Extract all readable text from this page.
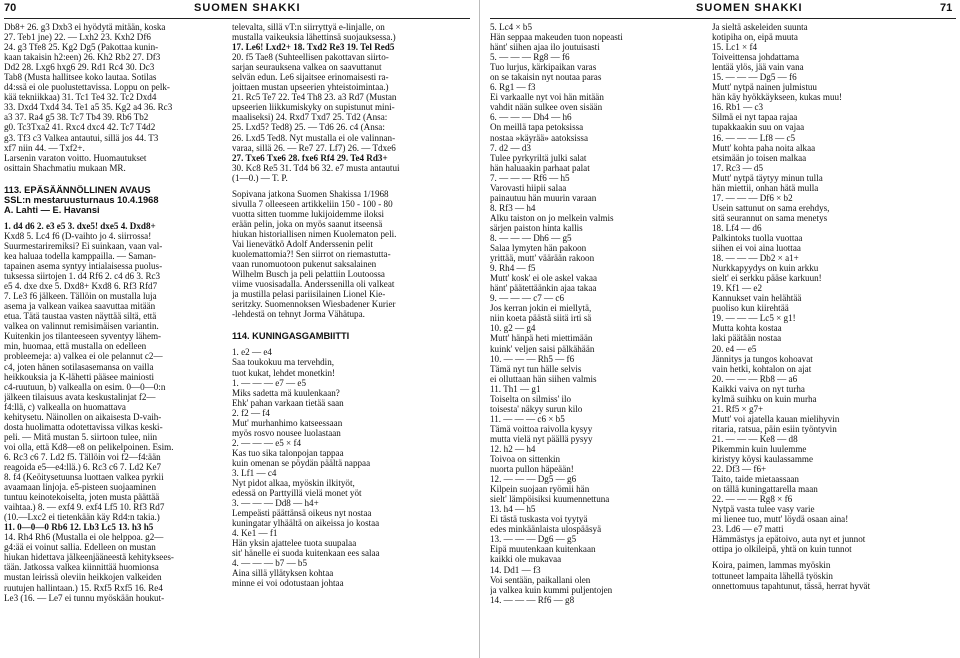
70	SUOMEN SHAKKI	SUOMEN SHAKKI	71

Db8+ 26. g3 Dxb3 ei hyödytä mitään, koska

27. Teb1 jne) 22. — Lxh2 23. Kxh2 Df6

24. g3 Tfe8 25. Kg2 Dg5 (Pakottaa kunin-

kaan takaisin h2:een) 26. Kh2 Rb2 27. Df3

Dd2 28. Lxg6 hxg6 29. Rd1 Rc4 30. Dc3

Tab8 (Musta hallitsee koko lautaa. Sotilas

d4:ssä ei ole puolustettavissa. Loppu on pelk-

kää tekniikkaa) 31. Tc1 Te4 32. Tc2 Dxd4

33. Dxd4 Txd4 34. Te1 a5 35. Kg2 a4 36. Rc3

a3 37. Ra4 g5 38. Tc7 Tb4 39. Rb6 Tb2

g0. Tc3Txa2 41. Rxc4 dxc4 42. Tc7 T4d2

g3. Tf3 c3 Valkea antautui, sillä jos 44. T3

xf7 niin 44. — Txf2+.

Larsenin varaton voitto. Huomautukset

osittain Shachmatiu mukaan MR.

113. EPÄSÄÄNNÖLLINEN AVAUS

SSL:n mestaruusturnaus 10.4.1968

A. Lahti — E. Havansi

1. d4 d6 2. e3 e5 3. dxe5! dxe5 4. Dxd8+

Kxd8 5. Lc4 f6 (D-vaihto jo 4. siirrossa!

Suurmestariremiksi? Ei suinkaan, vaan val-

kea haluaa todella kamppailla. — Saman-

tapainen asema syntyy intialaisessa puolus-

tuksessa siirtojen 1. d4 Rf6 2. c4 d6 3. Rc3

e5 4. dxe dxe 5. Dxd8+ Kxd8 6. Rf3 Rfd7

7. Le3 f6 jälkeen. Tällöin on mustalla luja

asema ja valkean vaikea saavuttaa mitään

etua. Tätä taustaa vasten näyttää siltä, että

valkea on valinnut remisimäisen variantin.

Kuitenkin jos tilanteeseen syventyy lähem-

min, huomaa, että mustalla on edelleen

probleemeja: a) valkea ei ole pelannut c2—

c4, joten hänen sotilasasemansa on vailla

heikkouksia ja K-lähetti pääsee mainiosti

c4-ruutuun, b) valkealla on esim. 0—0—0:n

jälkeen tilaisuus avata keskustalinjat f2—

f4:llä, c) valkealla on huomattava

kehitysetu. Näinollen on aikaisesta D-vaih-

dosta huolimatta odotettavissa vilkas keski-

peli. — Mitä mustan 5. siirtoon tulee, niin

voi olla, että Kd8—e8 on pelikelpoinen. Esim.

6. Rc3 c6 7. Ld2 f5. Tällöin voi f2—f4:ään

reagoida e5—e4:llä.) 6. Rc3 c6 7. Ld2 Ke7

8. f4 (Keöitysetuunsa luottaen valkea pyrkii

avaamaan linjoja. e5-pisteen suojaaminen

tuntuu keinotekoiselta, joten musta päättää

vaihtaa.) 8. — exf4 9. exf4 Lf5 10. Rf3 Rd7

(10.—Lxc2 ei tietenkään käy Rd4:n takia.)

11. 0—0—0 Rb6 12. Lb3 Lc5 13. h3 h5

14. Rh4 Rh6 (Mustalla ei ole helppoa. g2—

g4:ää ei voinut sallia. Edelleen on mustan

hiukan hidettava jälkeenjääneestä kehityksees-

tään. Jatkossa valkea kiinnittää huomionsa

mustan leirissä oleviin heikkojen valkeiden

ruutujen hallintaan.) 15. Rxf5 Rxf5 16. Re4

Le3 (16. — Le7 ei tunnu myöskään houkut-

televalta, sillä vT:n siirryttyä e-linjalle, on

mustalla vaikeuksia lähettinsä suojauksessa.)

17. Le6! Lxd2+ 18. Txd2 Re3 19. Tel Red5

20. f5 Tae8 (Suhteellisen pakottavan siirto-

sarjan seurauksena valkea on saavuttanut

selvän edun. Le6 sijaitsee erinomaisesti ra-

joittaen mustan upseerien yhteistoimintaa.)

21. Rc5 Te7 22. Te4 Th8 23. a3 Rd7 (Mustan

upseerien liikkumiskyky on supistunut mini-

maaliseksi) 24. Rxd7 Txd7 25. Td2 (Ansa:

25. Lxd5? Ted8) 25. — Td6 26. c4 (Ansa:

26. Lxd5 Ted8. Nyt mustalla ei ole valinnan-

varaa, sillä 26. — Re7 27. Lf7) 26. — Tdxe6

27. Txe6 Txe6 28. fxe6 Rf4 29. Te4 Rd3+

30. Kc8 Re5 31. Td4 b6 32. e7 musta antautui

(1—0.) — T. P.

Sopivana jatkona Suomen Shakissa 1/1968

sivulla 7 olleeseen artikkeliin 150 - 100 - 80

vuotta sitten tuomme lukijoidemme iloksi

erään pelin, joka on myös saanut itseensä

hiukan historiallisen nimen Kuolematon peli.

Vai lienevätkö Adolf Anderssenin pelit

kuolemattomia?! Sen siirrot on riemastutta-

vaan runomuotoon pukenut saksalainen

Wilhelm Busch ja peli pelattiin Loutoossa

viime vuosisadalla. Anderssenilla oli valkeat

ja mustilla pelasi pariisilainen Lionel Kie-

seritzky. Suomennoksen Wiesbadener Kurier

-lehdestä on tehnyt Jorma Vähätupa.

114. KUNINGASGAMBIITTI

1. e2 — e4

Saa toukokuu ma tervehdin,

tuot kukat, lehdet monetkin!

1. — — — e7 — e5

Miks sadetta mä kuulenkaan?

Ehk' pahan varkaan tietää saan

2. f2 — f4

Mut' murhanhimo katseessaan

myös rosvo nousee luolastaan

2. — — — e5 × f4

Kas tuo sika talonpojan tappaa

kuin omenan se pöydän päältä nappaa

3. Lf1 — c4

Nyt pidot alkaa, myöskin ilkityöt,

edessä on Parttyillä vielä monet yöt

3. — — — Dd8 — h4+

Lempeästi päättänsä oikeus nyt nostaa

kuningatar ylhäältä on aikeissa jo kostaa

4. Ke1 — f1

Hän yksin ajattelee tuota suupalaa

sit' hänelle ei suoda kuitenkaan ees salaa

4. — — — b7 — b5

Aina sillä yllätyksen kohtaa

minne ei voi odotustaan johtaa

5. Lc4 × b5

Hän seppaa makeuden tuon nopeasti

hänt' siihen ajaa ilo joutuisasti

5. — — — Rg8 — f6

Tuo lurjus, kärkipaikan varas

on se takaisin nyt noutaa paras

6. Rg1 — f3

Ei varkaalle nyt voi hän mitään

vahdit nään sulkee oven sisään

6. — — — Dh4 — h6

On meillä tapa petoksissa

nostaa »käyrää» aatoksissa

7. d2 — d3

Tulee pyrkyriltä julki salat

hän haluaakin parhaat palat

7. — — — Rf6 — h5

Varovasti hiipii salaa

painautuu hän muurin varaan

8. Rf3 — h4

Alku taiston on jo melkein valmis

särjen paiston hinta kallis

8. — — — Dh6 — g5

Salaa lymyten hän pakoon

yrittää, mutt' väärään rakoon

9. Rh4 — f5

Mutt' kosk' ei ole askel vakaa

hänt' päätettäänkin ajaa takaa

9. — — — c7 — c6

Jos kerran jokin ei miellytä,

niin koeta päästä siitä irti sä

10. g2 — g4

Mutt' hänpä heti miettimään

kuink' veljen saisi pälkähään

10. — — — Rh5 — f6

Tämä nyt tun hälle selvis

ei olluttaan hän siihen valmis

11. Th1 — g1

Toiselta on silmiss' ilo

toisesta' näkyy surun kilo

11. — — — c6 × b5

Tämä voittoa raivolla kysyy

mutta vielä nyt päällä pysyy

12. h2 — h4

Toivoa on sittenkin

nuorta pullon häpeään!

12. — — — Dg5 — g6

Kilpein suojaan ryömii hän

sielt' lämpöisiksi kuumennettuna

13. h4 — h5

Ei tästä tuskasta voi tyytyä

edes minkäänlaista ulospääsyä

13. — — — Dg6 — g5

Eipä muutenkaan kuitenkaan

kaikki ole mukavaa

14. Dd1 — f3

Voi sentään, paikallani olen

ja valkea kuin kummi puljentojen

14. — — — Rf6 — g8

Ja sieltä askeleiden suunta

kotipiha on, eipä muuta

15. Lc1 × f4

Toiveittensa johdattama

lentää ylös, jää vain vana

15. — — — Dg5 — f6

Mutt' nytpä nainen julmistuu

hän käy hyökkäykseen, kukas muu!

16. Rb1 — c3

Silmä ei nyt tapaa rajaa

tupakkaakin suu on vajaa

16. — — — Lf8 — c5

Mutt' kohta paha noita alkaa

etsimään jo toisen malkaa

17. Rc3 — d5

Mutt' nytpä täytyy minun tulla

hän miettii, onhan hätä mulla

17. — — — Df6 × b2

Usein sattunut on sama erehdys,

sitä seurannut on sama menetys

18. Lf4 — d6

Palkintoks tuolla vuottaa

siihen ei voi aina luottaa

18. — — — Db2 × a1+

Nurkkapyydys on kuin arkku

sielt' ei serkku pääse karkuun!

19. Kf1 — e2

Kannukset vain helähtää

puoliso kun kiirehtää

19. — — — Lc5 × g1!

Mutta kohta kostaa

laki päätään nostaa

20. e4 — e5

Jännitys ja tungos kohoavat

vain hetki, kohtalon on ajat

20. — — — Rb8 — a6

Kaikki vaiva on nyt turha

kylmä suihku on kuin murha

21. Rf5 × g7+

Mutt' voi ajatella kauan mielihyvin

ritaria, ratsua, päin esiin työntyvin

21. — — — Ke8 — d8

Pikemmin kuin luulemme

kiristyy köysi kaulassamme

22. Df3 — f6+

Taito, taide mietaassaan

on tällä kuningattarella maan

22. — — — Rg8 × f6

Nytpä vasta tulee vasy varie

mi lienee tuo, mutt' löydä osaan aina!

23. Ld6 — e7 matti

Hämmästys ja epätoivo, auta nyt et junnot

ottipa jo olkileipä, yhtä on kuin tunnot

Koira, paimen, lammas myöskin

tottuneet lampaita lähellä työskin

onnettomuus tapahtunut, tässä, herrat hyvät
